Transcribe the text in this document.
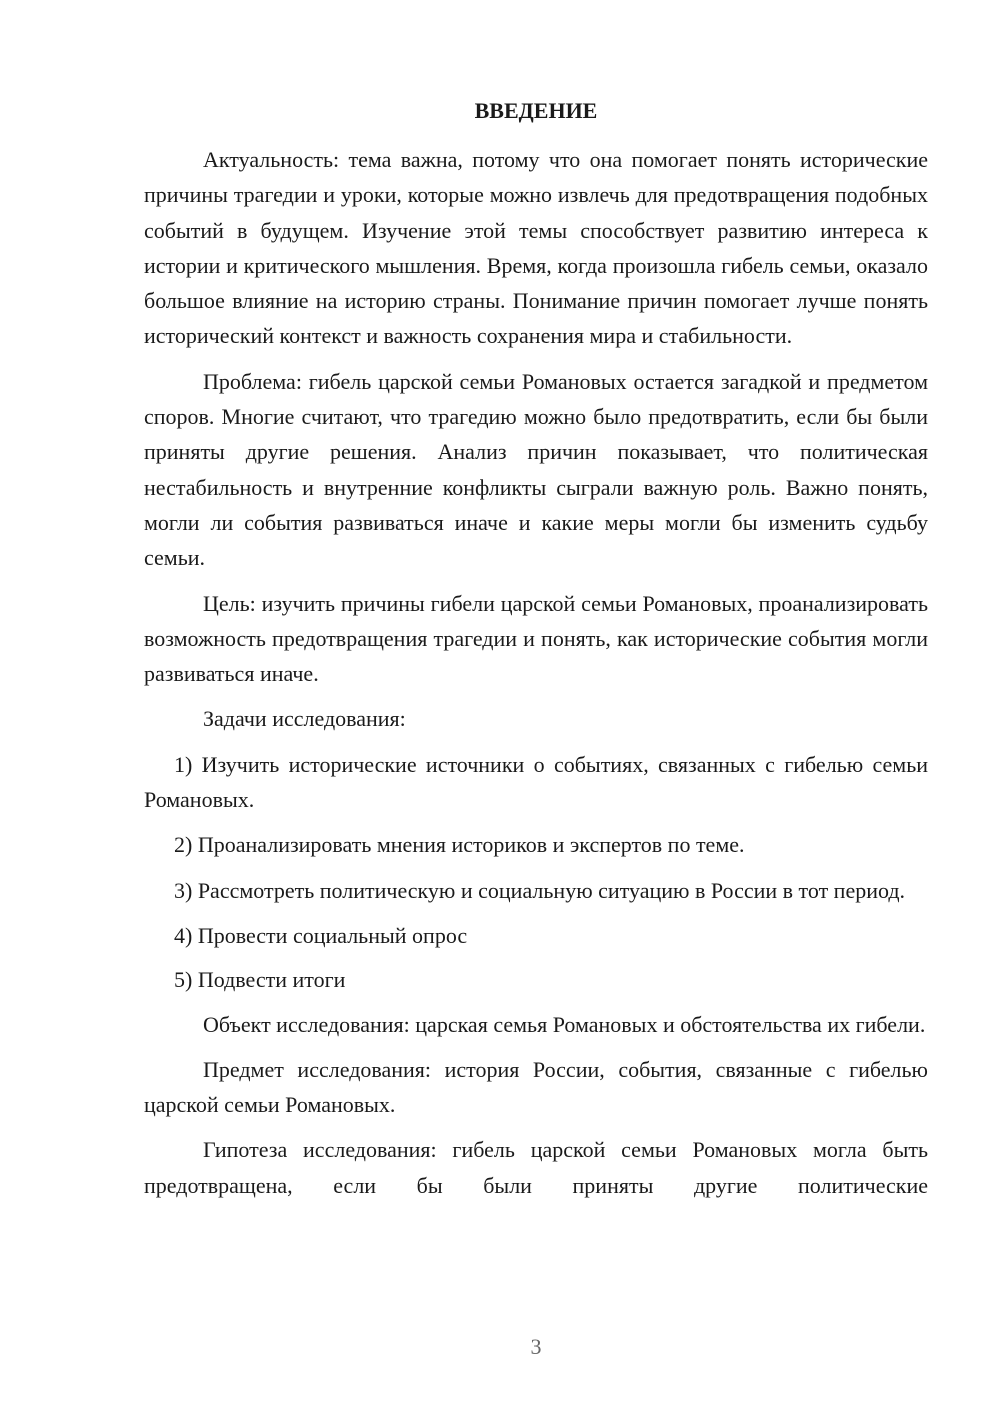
ВВЕДЕНИЕ

Актуальность: тема важна, потому что она помогает понять исторические причины трагедии и уроки, которые можно извлечь для предотвращения подобных событий в будущем. Изучение этой темы способствует развитию интереса к истории и критического мышления. Время, когда произошла гибель семьи, оказало большое влияние на историю страны. Понимание причин помогает лучше понять исторический контекст и важность сохранения мира и стабильности.

Проблема: гибель царской семьи Романовых остается загадкой и предметом споров. Многие считают, что трагедию можно было предотвратить, если бы были приняты другие решения. Анализ причин показывает, что политическая нестабильность и внутренние конфликты сыграли важную роль. Важно понять, могли ли события развиваться иначе и какие меры могли бы изменить судьбу семьи.

Цель: изучить причины гибели царской семьи Романовых, проанализировать возможность предотвращения трагедии и понять, как исторические события могли развиваться иначе.

Задачи исследования:

1) Изучить исторические источники о событиях, связанных с гибелью семьи Романовых.

2) Проанализировать мнения историков и экспертов по теме.

3) Рассмотреть политическую и социальную ситуацию в России в тот период.

4) Провести социальный опрос

5) Подвести итоги

Объект исследования: царская семья Романовых и обстоятельства их гибели.

Предмет исследования: история России, события, связанные с гибелью царской семьи Романовых.

Гипотеза исследования: гибель царской семьи Романовых могла быть предотвращена, если бы были приняты другие политические

3
